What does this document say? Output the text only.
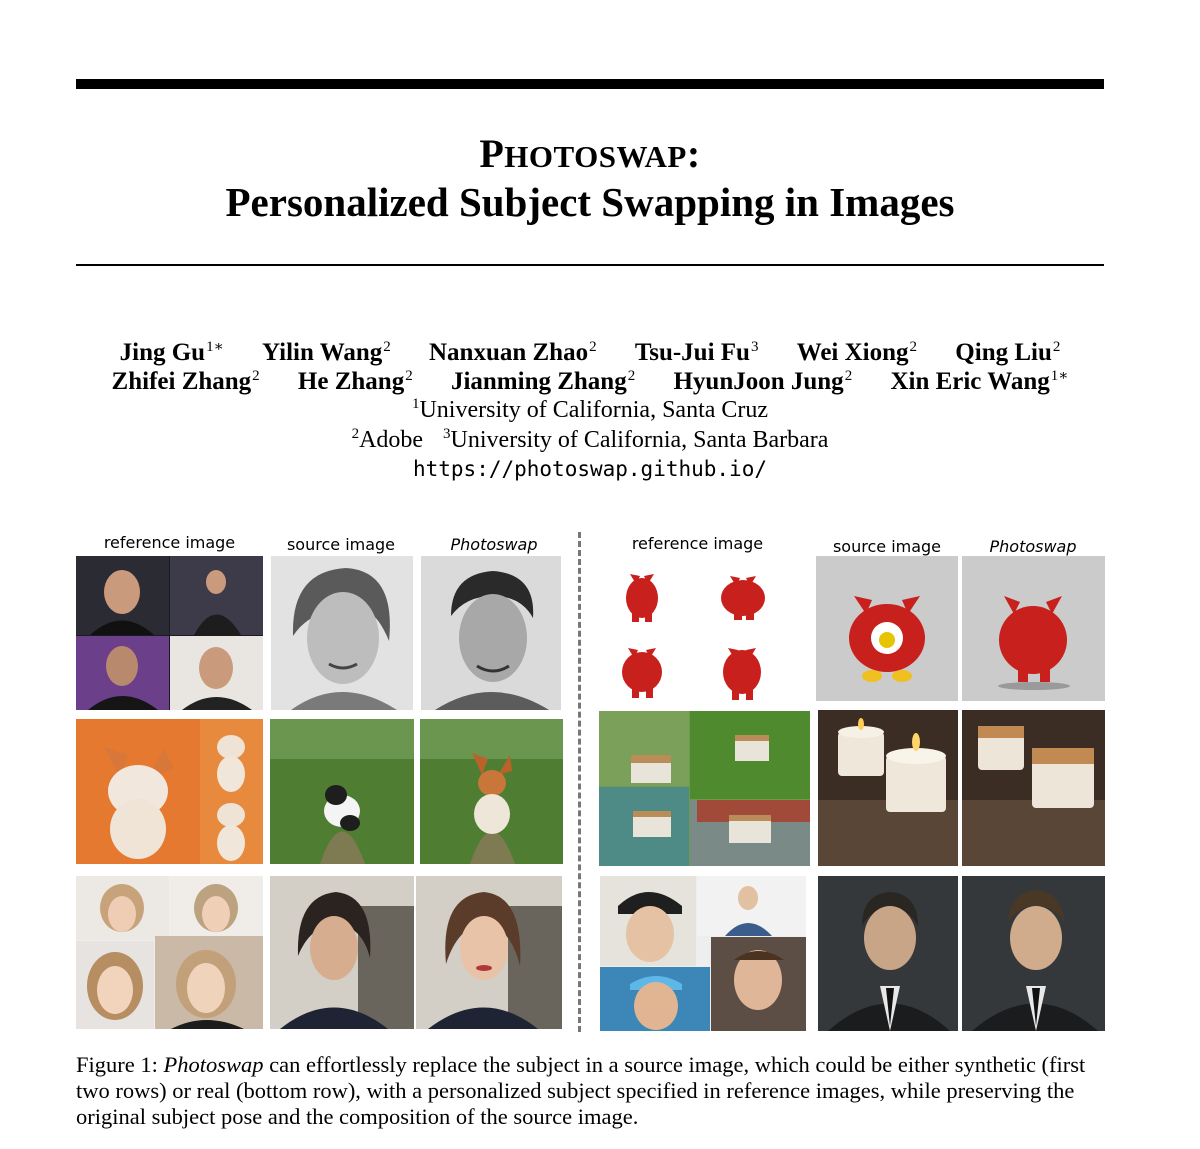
PHOTOSWAP:
Personalized Subject Swapping in Images
Jing $Gu^{1∗}$ Yilin Wang$^2$ Nanxuan Zhao$^2$ Tsu-Jui Fu$^3$ Wei Xiong$^2$ Qing Liu$^2$
Zhifei Zhang$^2$ He Zhang$^2$ Jianming Zhang$^2$ HyunJoon Jung$^2$ Xin Eric Wang$^{1∗}$
$^1$University of California, Santa Cruz
$^2$Adobe $^3$University of California, Santa Barbara
https://photoswap.github.io/
reference image	source image	Photoswap	reference image	source image	Photoswap
Figure 1: Photoswap can effortlessly replace the subject in a source image, which could be either synthetic (first two rows) or real (bottom row), with a personalized subject specified in reference images, while preserving the original subject pose and the composition of the source image.
